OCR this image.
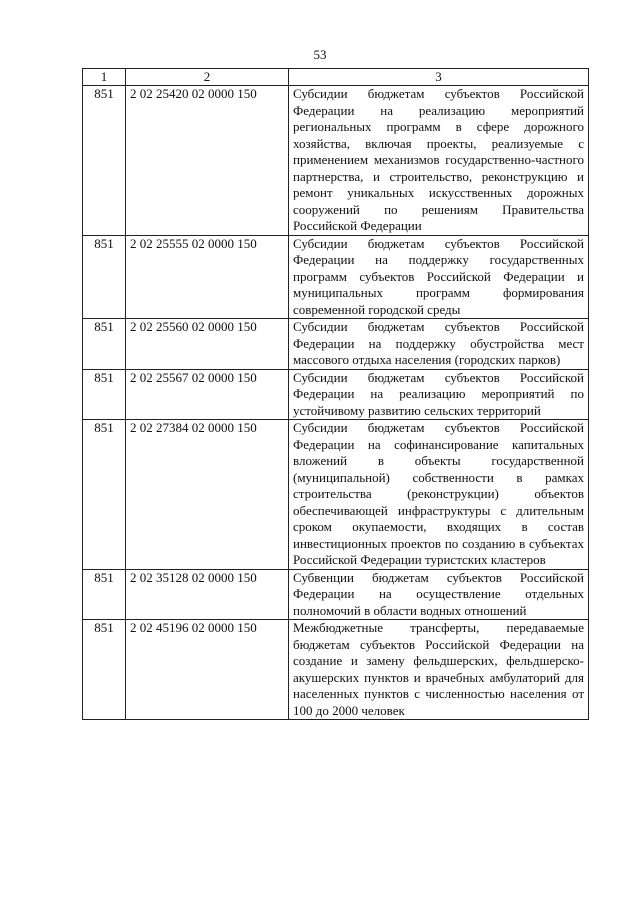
53
1	2	3
851	2 02 25420 02 0000 150	Субсидии бюджетам субъектов Российской Федерации на реализацию мероприятий региональных программ в сфере дорожного хозяйства, включая проекты, реализуемые с применением механизмов государственно-частного партнерства, и строительство, реконструкцию и ремонт уникальных искусственных дорожных сооружений по решениям Правительства Российской Федерации
851	2 02 25555 02 0000 150	Субсидии бюджетам субъектов Российской Федерации на поддержку государственных программ субъектов Российской Федерации и муниципальных программ формирования современной городской среды
851	2 02 25560 02 0000 150	Субсидии бюджетам субъектов Российской Федерации на поддержку обустройства мест массового отдыха населения (городских парков)
851	2 02 25567 02 0000 150	Субсидии бюджетам субъектов Российской Федерации на реализацию мероприятий по устойчивому развитию сельских территорий
851	2 02 27384 02 0000 150	Субсидии бюджетам субъектов Российской Федерации на софинансирование капитальных вложений в объекты государственной (муниципальной) собственности в рамках строительства (реконструкции) объектов обеспечивающей инфраструктуры с длительным сроком окупаемости, входящих в состав инвестиционных проектов по созданию в субъектах Российской Федерации туристских кластеров
851	2 02 35128 02 0000 150	Субвенции бюджетам субъектов Российской Федерации на осуществление отдельных полномочий в области водных отношений
851	2 02 45196 02 0000 150	Межбюджетные трансферты, передаваемые бюджетам субъектов Российской Федерации на создание и замену фельдшерских, фельдшерско-акушерских пунктов и врачебных амбулаторий для населенных пунктов с численностью населения от 100 до 2000 человек
